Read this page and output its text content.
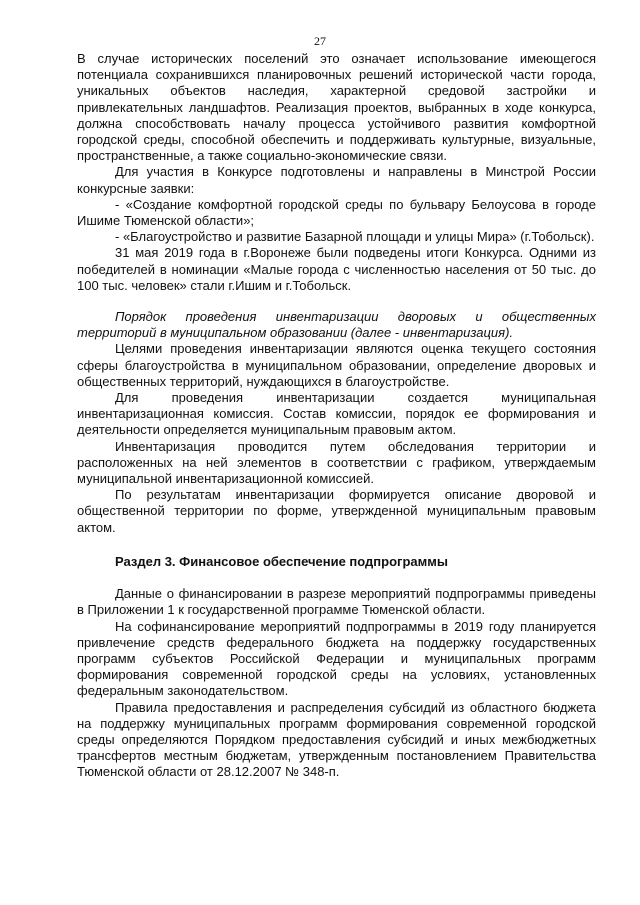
27

В случае исторических поселений это означает использование имеющегося потенциала сохранившихся планировочных решений исторической части города, уникальных объектов наследия, характерной средовой застройки и привлекательных ландшафтов. Реализация проектов, выбранных в ходе конкурса, должна способствовать началу процесса устойчивого развития комфортной городской среды, способной обеспечить и поддерживать культурные, визуальные, пространственные, а также социально-экономические связи.

Для участия в Конкурсе подготовлены и направлены в Минстрой России конкурсные заявки:

- «Создание комфортной городской среды по бульвару Белоусова в городе Ишиме Тюменской области»;

- «Благоустройство и развитие Базарной площади и улицы Мира» (г.Тобольск).

31 мая 2019 года в г.Воронеже были подведены итоги Конкурса. Одними из победителей в номинации «Малые города с численностью населения от 50 тыс. до 100 тыс. человек» стали г.Ишим и г.Тобольск.

Порядок проведения инвентаризации дворовых и общественных территорий в муниципальном образовании (далее - инвентаризация).

Целями проведения инвентаризации являются оценка текущего состояния сферы благоустройства в муниципальном образовании, определение дворовых и общественных территорий, нуждающихся в благоустройстве.

Для проведения инвентаризации создается муниципальная инвентаризационная комиссия. Состав комиссии, порядок ее формирования и деятельности определяется муниципальным правовым актом.

Инвентаризация проводится путем обследования территории и расположенных на ней элементов в соответствии с графиком, утверждаемым муниципальной инвентаризационной комиссией.

По результатам инвентаризации формируется описание дворовой и общественной территории по форме, утвержденной муниципальным правовым актом.

Раздел 3. Финансовое обеспечение подпрограммы

Данные о финансировании в разрезе мероприятий подпрограммы приведены в Приложении 1 к государственной программе Тюменской области.

На софинансирование мероприятий подпрограммы в 2019 году планируется привлечение средств федерального бюджета на поддержку государственных программ субъектов Российской Федерации и муниципальных программ формирования современной городской среды на условиях, установленных федеральным законодательством.

Правила предоставления и распределения субсидий из областного бюджета на поддержку муниципальных программ формирования современной городской среды определяются Порядком предоставления субсидий и иных межбюджетных трансфертов местным бюджетам, утвержденным постановлением Правительства Тюменской области от 28.12.2007 № 348-п.
